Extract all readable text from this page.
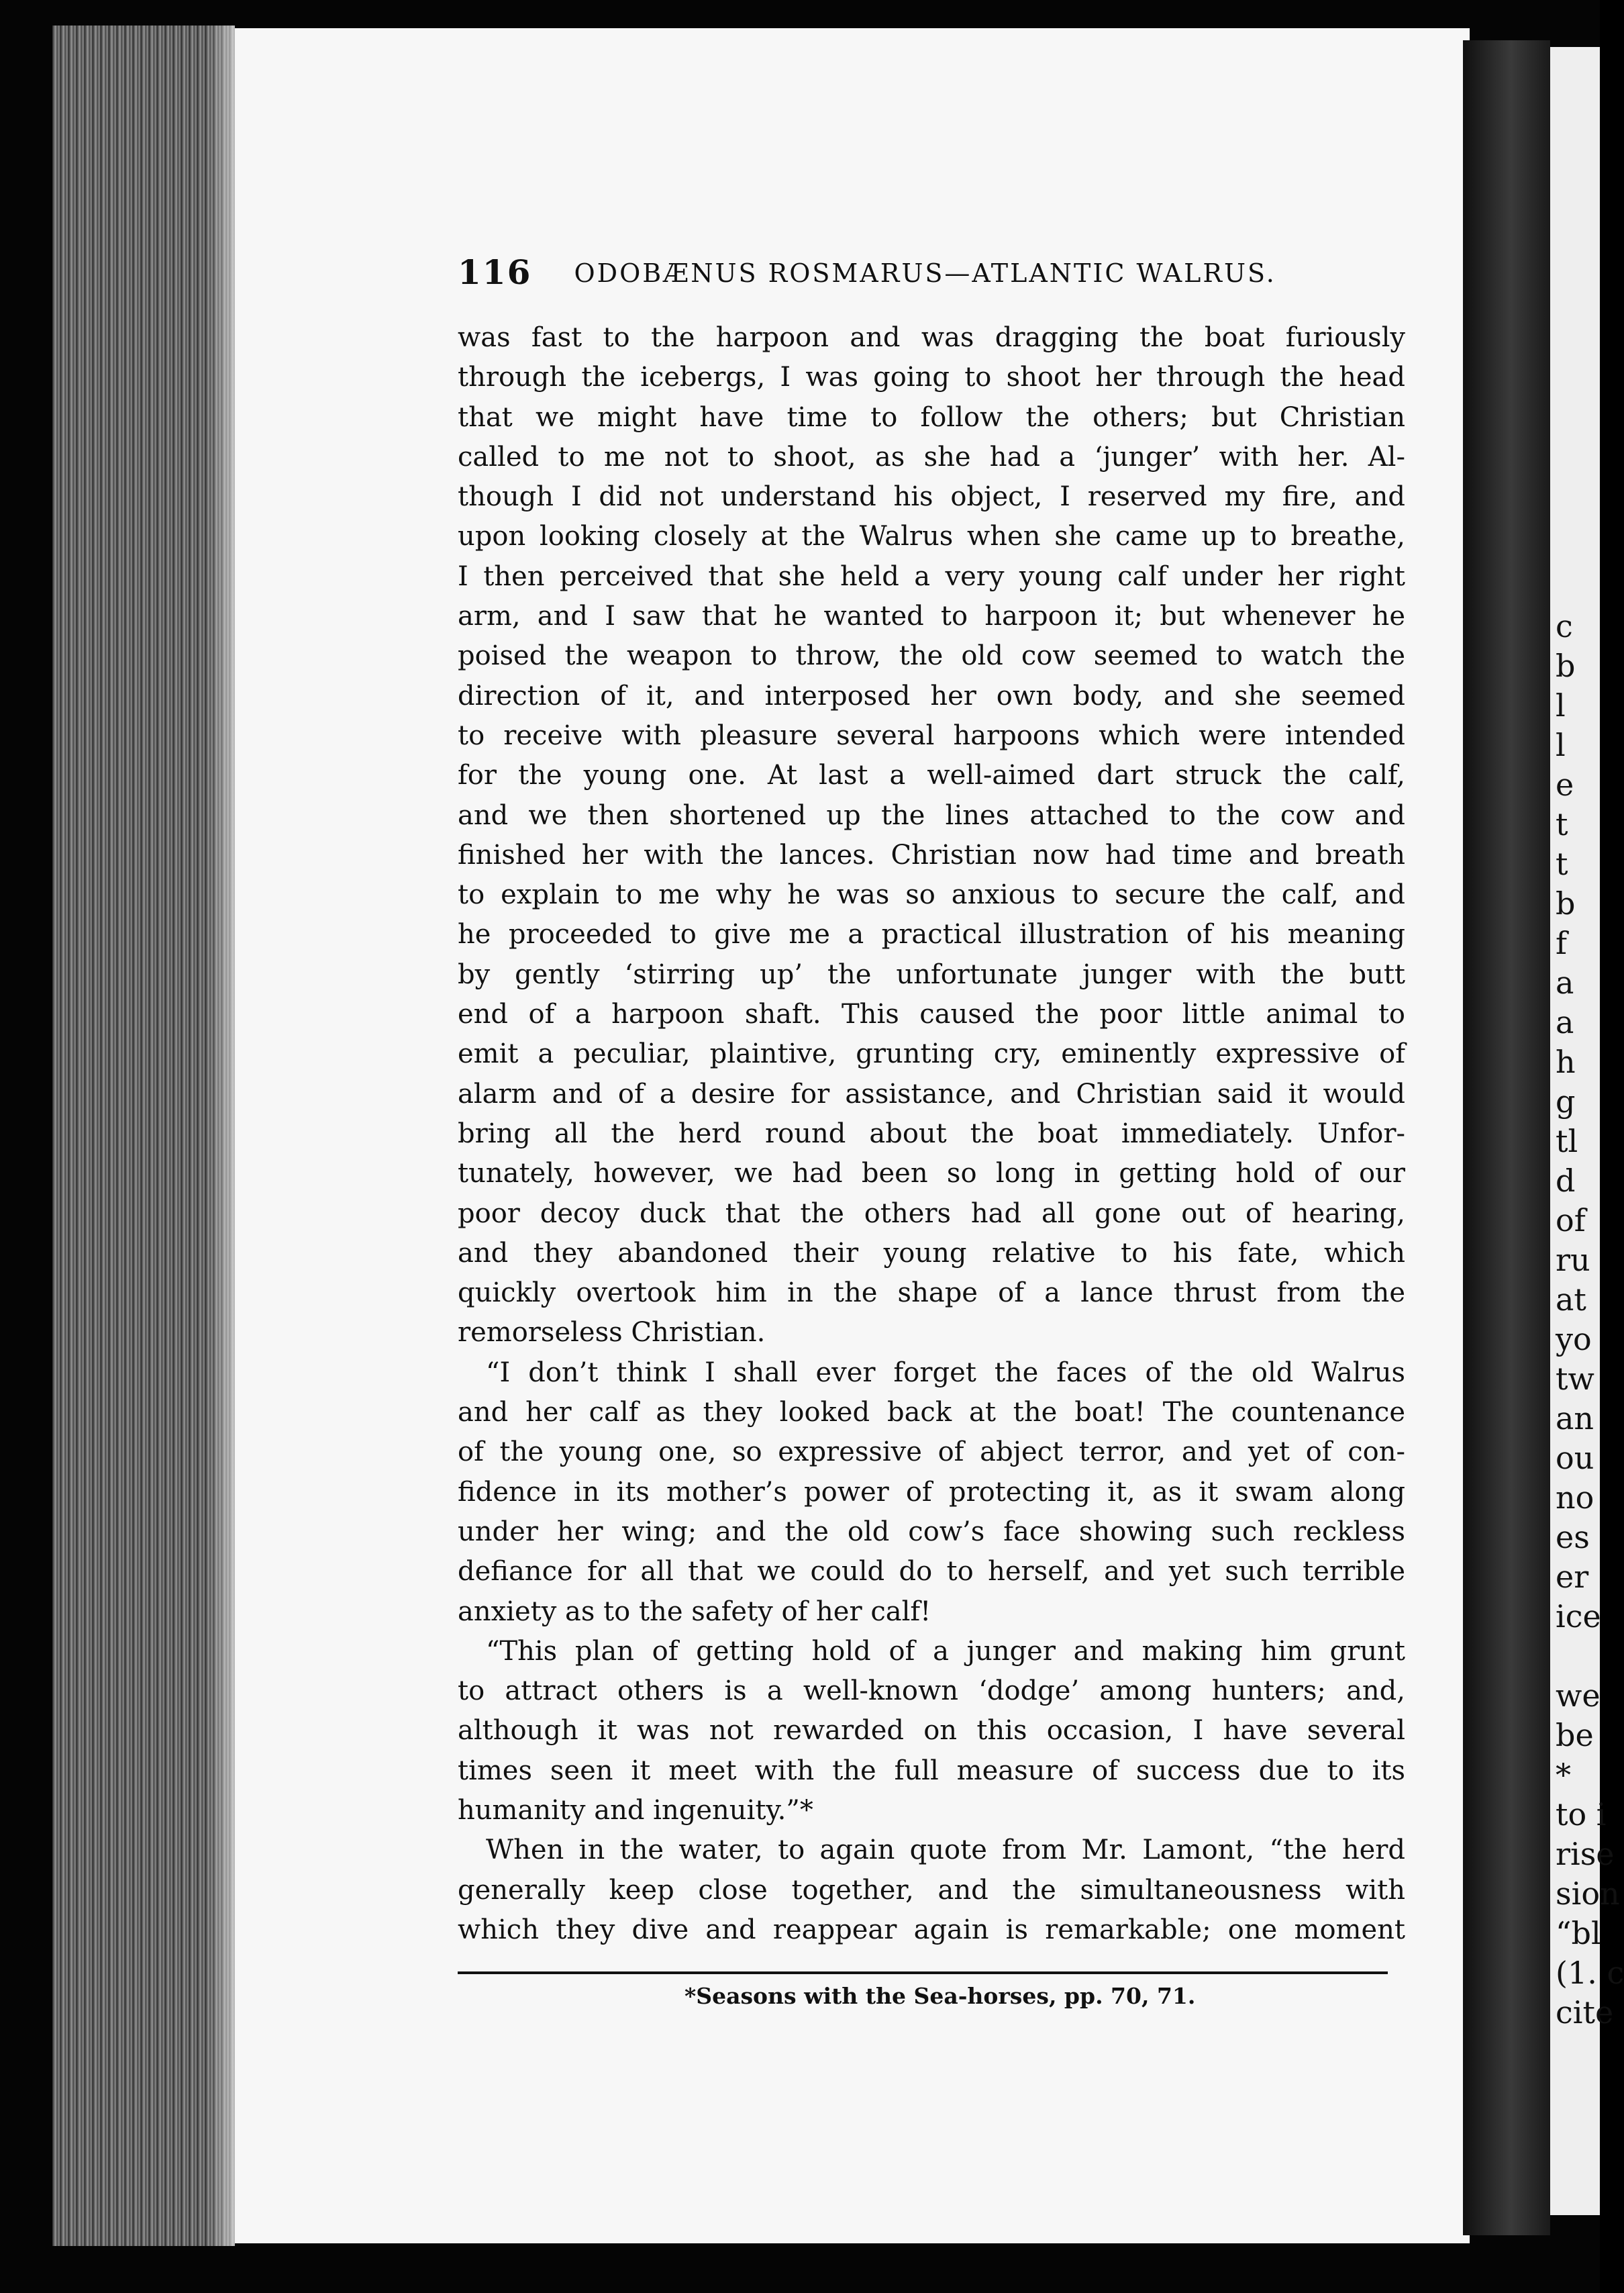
c
b
l
l
e
t
t
b
f
a
a
h
g
tl
d
of
ru
at
yo
tw
an
ou
no
es
er
ice
we
be
*
to i
rise
sion
“bl
(1. c
cite
116 ODOBÆNUS ROSMARUS—ATLANTIC WALRUS.
was fast to the harpoon and was dragging the boat furiously
through the icebergs, I was going to shoot her through the head
that we might have time to follow the others; but Christian
called to me not to shoot, as she had a ‘junger’ with her. Al-
though I did not understand his object, I reserved my fire, and
upon looking closely at the Walrus when she came up to breathe,
I then perceived that she held a very young calf under her right
arm, and I saw that he wanted to harpoon it; but whenever he
poised the weapon to throw, the old cow seemed to watch the
direction of it, and interposed her own body, and she seemed
to receive with pleasure several harpoons which were intended
for the young one. At last a well-aimed dart struck the calf,
and we then shortened up the lines attached to the cow and
finished her with the lances. Christian now had time and breath
to explain to me why he was so anxious to secure the calf, and
he proceeded to give me a practical illustration of his meaning
by gently ‘stirring up’ the unfortunate junger with the butt
end of a harpoon shaft. This caused the poor little animal to
emit a peculiar, plaintive, grunting cry, eminently expressive of
alarm and of a desire for assistance, and Christian said it would
bring all the herd round about the boat immediately. Unfor-
tunately, however, we had been so long in getting hold of our
poor decoy duck that the others had all gone out of hearing,
and they abandoned their young relative to his fate, which
quickly overtook him in the shape of a lance thrust from the
remorseless Christian.
“I don’t think I shall ever forget the faces of the old Walrus
and her calf as they looked back at the boat! The countenance
of the young one, so expressive of abject terror, and yet of con-
fidence in its mother’s power of protecting it, as it swam along
under her wing; and the old cow’s face showing such reckless
defiance for all that we could do to herself, and yet such terrible
anxiety as to the safety of her calf!
“This plan of getting hold of a junger and making him grunt
to attract others is a well-known ‘dodge’ among hunters; and,
although it was not rewarded on this occasion, I have several
times seen it meet with the full measure of success due to its
humanity and ingenuity.”*
When in the water, to again quote from Mr. Lamont, “the herd
generally keep close together, and the simultaneousness with
which they dive and reappear again is remarkable; one moment
*Seasons with the Sea-horses, pp. 70, 71.
